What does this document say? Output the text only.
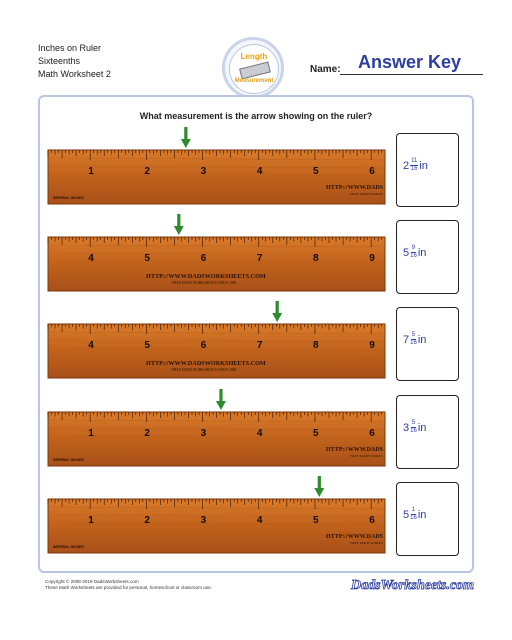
Inches on Ruler
Sixteenths
Math Worksheet 2
Length
Measurement
Name: Answer Key
What measurement is the arrow showing on the ruler?
1	2	3	4	5	6
HTTP://WWW.DADS
FREE MATH WORKS
IMPERIAL INCHES
4	5	6	7	8	9
HTTP://WWW.DADSWORKSHEETS.COM
FREE MATH WORKSHEETS SINCE 2008
4	5	6	7	8	9
HTTP://WWW.DADSWORKSHEETS.COM
FREE MATH WORKSHEETS SINCE 2008
1	2	3	4	5	6
HTTP://WWW.DADS
FREE MATH WORKS
IMPERIAL INCHES
1	2	3	4	5	6
HTTP://WWW.DADS
FREE MATH WORKS
IMPERIAL INCHES
$2 \frac{11}{16}$ in
$5 \frac{9}{16}$ in
$7 \frac{5}{16}$ in
$3 \frac{5}{16}$ in
$5 \frac{1}{16}$ in
Copyright © 2008-2019 DadsWorksheets.com
These Math Worksheets are provided for personal, homeschool or classroom use.	DadsWorksheets.com
